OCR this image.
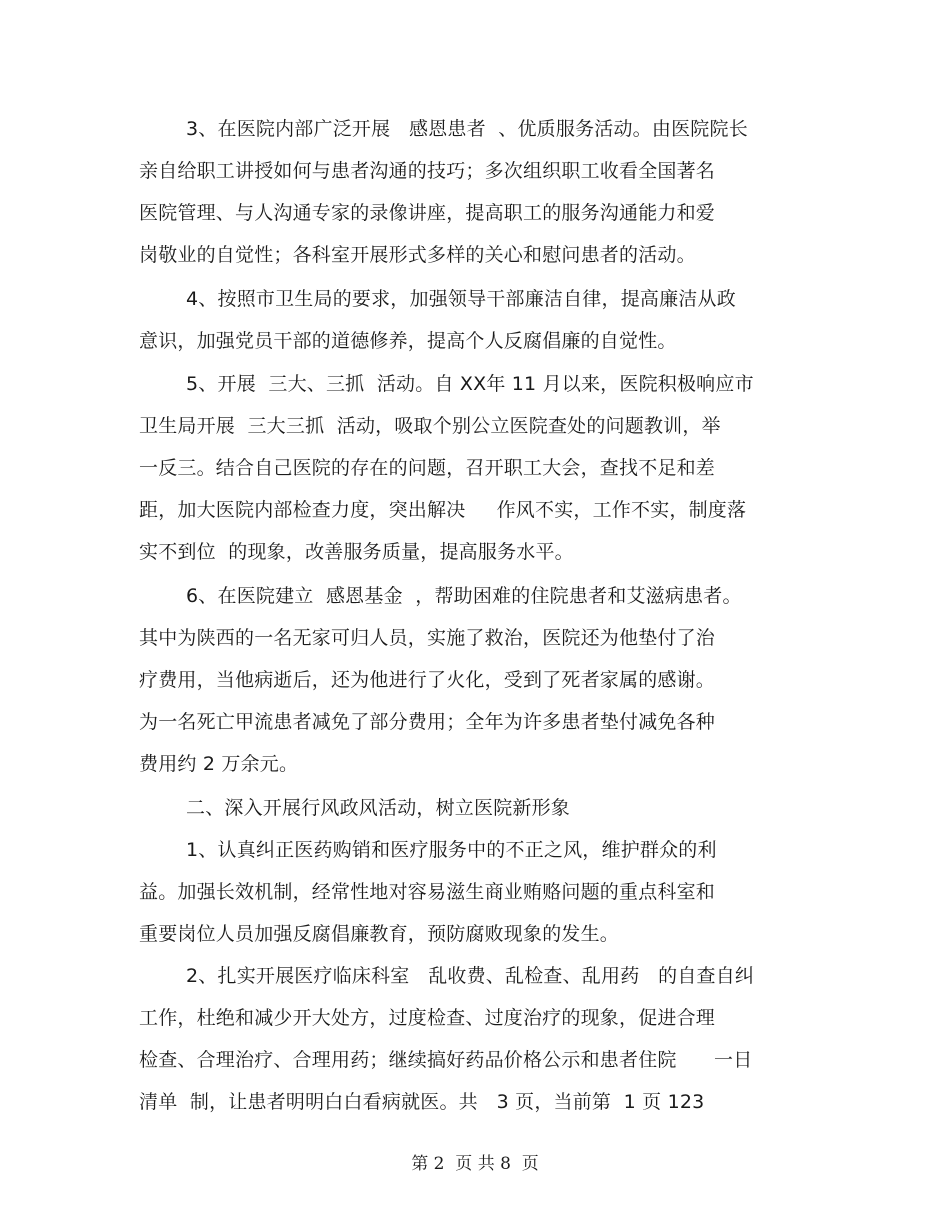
3、在医院内部广泛开展   感恩患者  、优质服务活动。由医院院长
亲自给职工讲授如何与患者沟通的技巧；多次组织职工收看全国著名
医院管理、与人沟通专家的录像讲座，提高职工的服务沟通能力和爱
岗敬业的自觉性；各科室开展形式多样的关心和慰问患者的活动。
4、按照市卫生局的要求，加强领导干部廉洁自律，提高廉洁从政
意识，加强党员干部的道德修养，提高个人反腐倡廉的自觉性。
5、开展  三大、三抓  活动。自 XX年 11 月以来，医院积极响应市
卫生局开展  三大三抓  活动，吸取个别公立医院查处的问题教训，举
一反三。结合自己医院的存在的问题，召开职工大会，查找不足和差
距，加大医院内部检查力度，突出解决     作风不实，工作不实，制度落
实不到位  的现象，改善服务质量，提高服务水平。
6、在医院建立  感恩基金  ，帮助困难的住院患者和艾滋病患者。
其中为陕西的一名无家可归人员，实施了救治，医院还为他垫付了治
疗费用，当他病逝后，还为他进行了火化，受到了死者家属的感谢。
为一名死亡甲流患者减免了部分费用；全年为许多患者垫付减免各种
费用约 2 万余元。
二、深入开展行风政风活动，树立医院新形象
1、认真纠正医药购销和医疗服务中的不正之风，维护群众的利
益。加强长效机制，经常性地对容易滋生商业贿赂问题的重点科室和
重要岗位人员加强反腐倡廉教育，预防腐败现象的发生。
2、扎实开展医疗临床科室   乱收费、乱检查、乱用药   的自查自纠
工作，杜绝和减少开大处方，过度检查、过度治疗的现象，促进合理
检查、合理治疗、合理用药；继续搞好药品价格公示和患者住院      一日
清单  制，让患者明明白白看病就医。共   3 页，当前第  1 页 123
第 2  页 共 8  页
